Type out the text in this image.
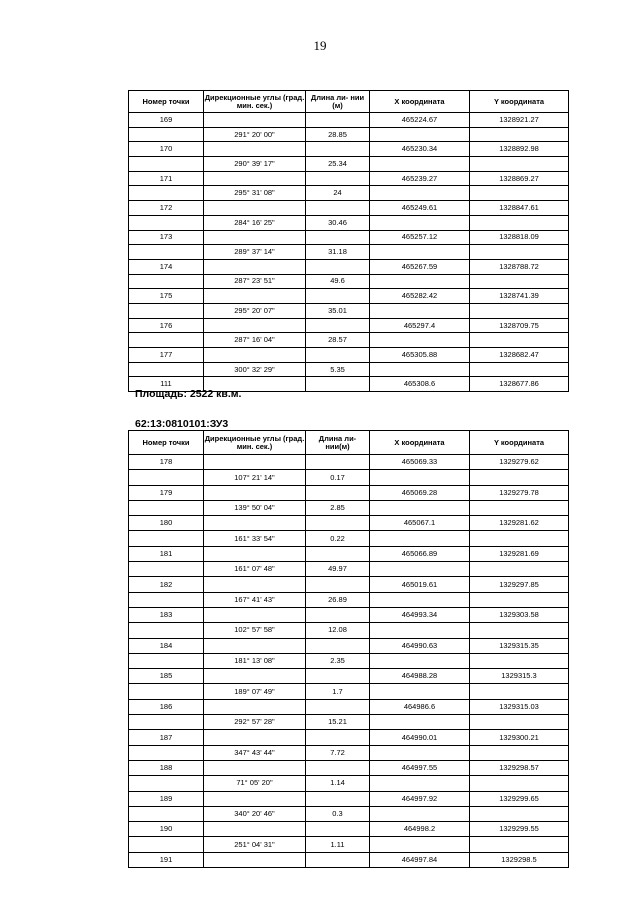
19
Номер точки	Дирекционные углы (град. мин. сек.)	Длина ли- нии (м)	X координата	Y координата
169			465224.67	1328921.27
	291° 20' 00"	28.85		
170			465230.34	1328892.98
	290° 39' 17"	25.34		
171			465239.27	1328869.27
	295° 31' 08"	24		
172			465249.61	1328847.61
	284° 16' 25"	30.46		
173			465257.12	1328818.09
	289° 37' 14"	31.18		
174			465267.59	1328788.72
	287° 23' 51"	49.6		
175			465282.42	1328741.39
	295° 20' 07"	35.01		
176			465297.4	1328709.75
	287° 16' 04"	28.57		
177			465305.88	1328682.47
	300° 32' 29"	5.35		
111			465308.6	1328677.86
Площадь: 2522 кв.м.
62:13:0810101:ЗУ3
Номер точки	Дирекционные углы (град. мин. сек.)	Длина ли- нии(м)	X координата	Y координата
178			465069.33	1329279.62
	107° 21' 14"	0.17		
179			465069.28	1329279.78
	139° 50' 04"	2.85		
180			465067.1	1329281.62
	161° 33' 54"	0.22		
181			465066.89	1329281.69
	161° 07' 48"	49.97		
182			465019.61	1329297.85
	167° 41' 43"	26.89		
183			464993.34	1329303.58
	102° 57' 58"	12.08		
184			464990.63	1329315.35
	181° 13' 08"	2.35		
185			464988.28	1329315.3
	189° 07' 49"	1.7		
186			464986.6	1329315.03
	292° 57' 28"	15.21		
187			464990.01	1329300.21
	347° 43' 44"	7.72		
188			464997.55	1329298.57
	71° 05' 20"	1.14		
189			464997.92	1329299.65
	340° 20' 46"	0.3		
190			464998.2	1329299.55
	251° 04' 31"	1.11		
191			464997.84	1329298.5
